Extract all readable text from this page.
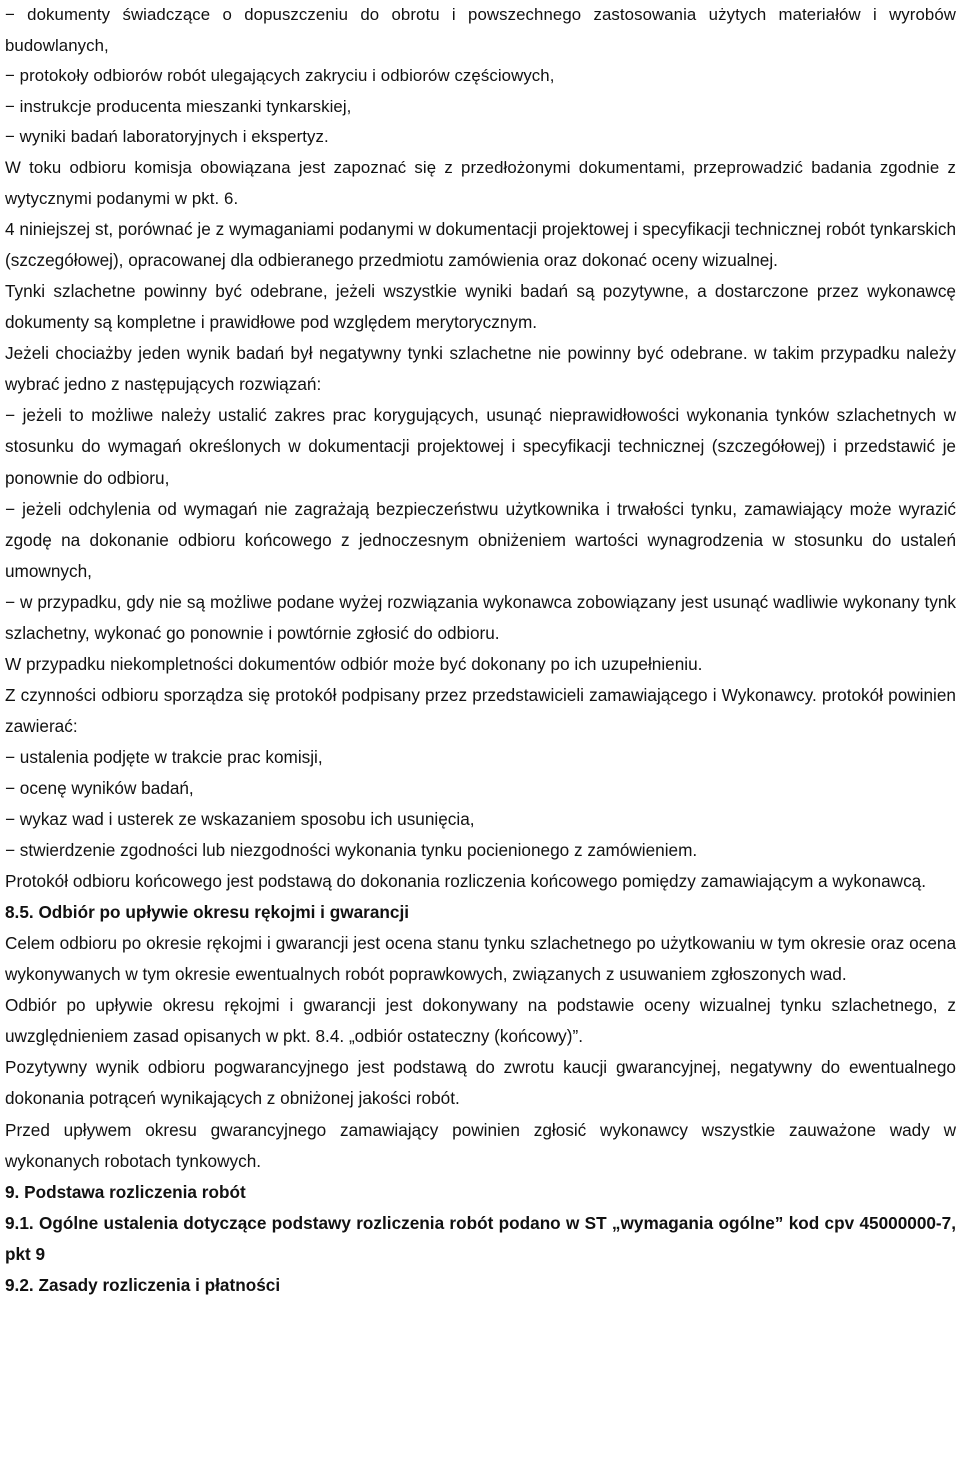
− dokumenty świadczące o dopuszczeniu do obrotu i powszechnego zastosowania użytych materiałów i wyrobów budowlanych,

− protokoły odbiorów robót ulegających zakryciu i odbiorów częściowych,

− instrukcje producenta mieszanki tynkarskiej,

− wyniki badań laboratoryjnych i ekspertyz.

W toku odbioru komisja obowiązana jest zapoznać się z przedłożonymi dokumentami, przeprowadzić badania zgodnie z wytycznymi podanymi w pkt. 6.

4 niniejszej st, porównać je z wymaganiami podanymi w dokumentacji projektowej i specyfikacji technicznej robót tynkarskich (szczegółowej), opracowanej dla odbieranego przedmiotu zamówienia oraz dokonać oceny wizualnej.

Tynki szlachetne powinny być odebrane, jeżeli wszystkie wyniki badań są pozytywne, a dostarczone przez wykonawcę dokumenty są kompletne i prawidłowe pod względem merytorycznym.

Jeżeli chociażby jeden wynik badań był negatywny tynki szlachetne nie powinny być odebrane. w takim przypadku należy wybrać jedno z następujących rozwiązań:

− jeżeli to możliwe należy ustalić zakres prac korygujących, usunąć nieprawidłowości wykonania tynków szlachetnych w stosunku do wymagań określonych w dokumentacji projektowej i specyfikacji technicznej (szczegółowej) i przedstawić je ponownie do odbioru,

− jeżeli odchylenia od wymagań nie zagrażają bezpieczeństwu użytkownika i trwałości tynku, zamawiający może wyrazić zgodę na dokonanie odbioru końcowego z jednoczesnym obniżeniem wartości wynagrodzenia w stosunku do ustaleń umownych,

− w przypadku, gdy nie są możliwe podane wyżej rozwiązania wykonawca zobowiązany jest usunąć wadliwie wykonany tynk szlachetny, wykonać go ponownie i powtórnie zgłosić do odbioru.

W przypadku niekompletności dokumentów odbiór może być dokonany po ich uzupełnieniu.

Z czynności odbioru sporządza się protokół podpisany przez przedstawicieli zamawiającego i Wykonawcy. protokół powinien zawierać:

− ustalenia podjęte w trakcie prac komisji,

− ocenę wyników badań,

− wykaz wad i usterek ze wskazaniem sposobu ich usunięcia,

− stwierdzenie zgodności lub niezgodności wykonania tynku pocienionego z zamówieniem.

Protokół odbioru końcowego jest podstawą do dokonania rozliczenia końcowego pomiędzy zamawiającym a wykonawcą.

8.5. Odbiór po upływie okresu rękojmi i gwarancji

Celem odbioru po okresie rękojmi i gwarancji jest ocena stanu tynku szlachetnego po użytkowaniu w tym okresie oraz ocena wykonywanych w tym okresie ewentualnych robót poprawkowych, związanych z usuwaniem zgłoszonych wad.

Odbiór po upływie okresu rękojmi i gwarancji jest dokonywany na podstawie oceny wizualnej tynku szlachetnego, z uwzględnieniem zasad opisanych w pkt. 8.4. „odbiór ostateczny (końcowy)”.

Pozytywny wynik odbioru pogwarancyjnego jest podstawą do zwrotu kaucji gwarancyjnej, negatywny do ewentualnego dokonania potrąceń wynikających z obniżonej jakości robót.

Przed upływem okresu gwarancyjnego zamawiający powinien zgłosić wykonawcy wszystkie zauważone wady w wykonanych robotach tynkowych.

9. Podstawa rozliczenia robót

9.1. Ogólne ustalenia dotyczące podstawy rozliczenia robót podano w ST „wymagania ogólne” kod cpv 45000000-7, pkt 9

9.2. Zasady rozliczenia i płatności
